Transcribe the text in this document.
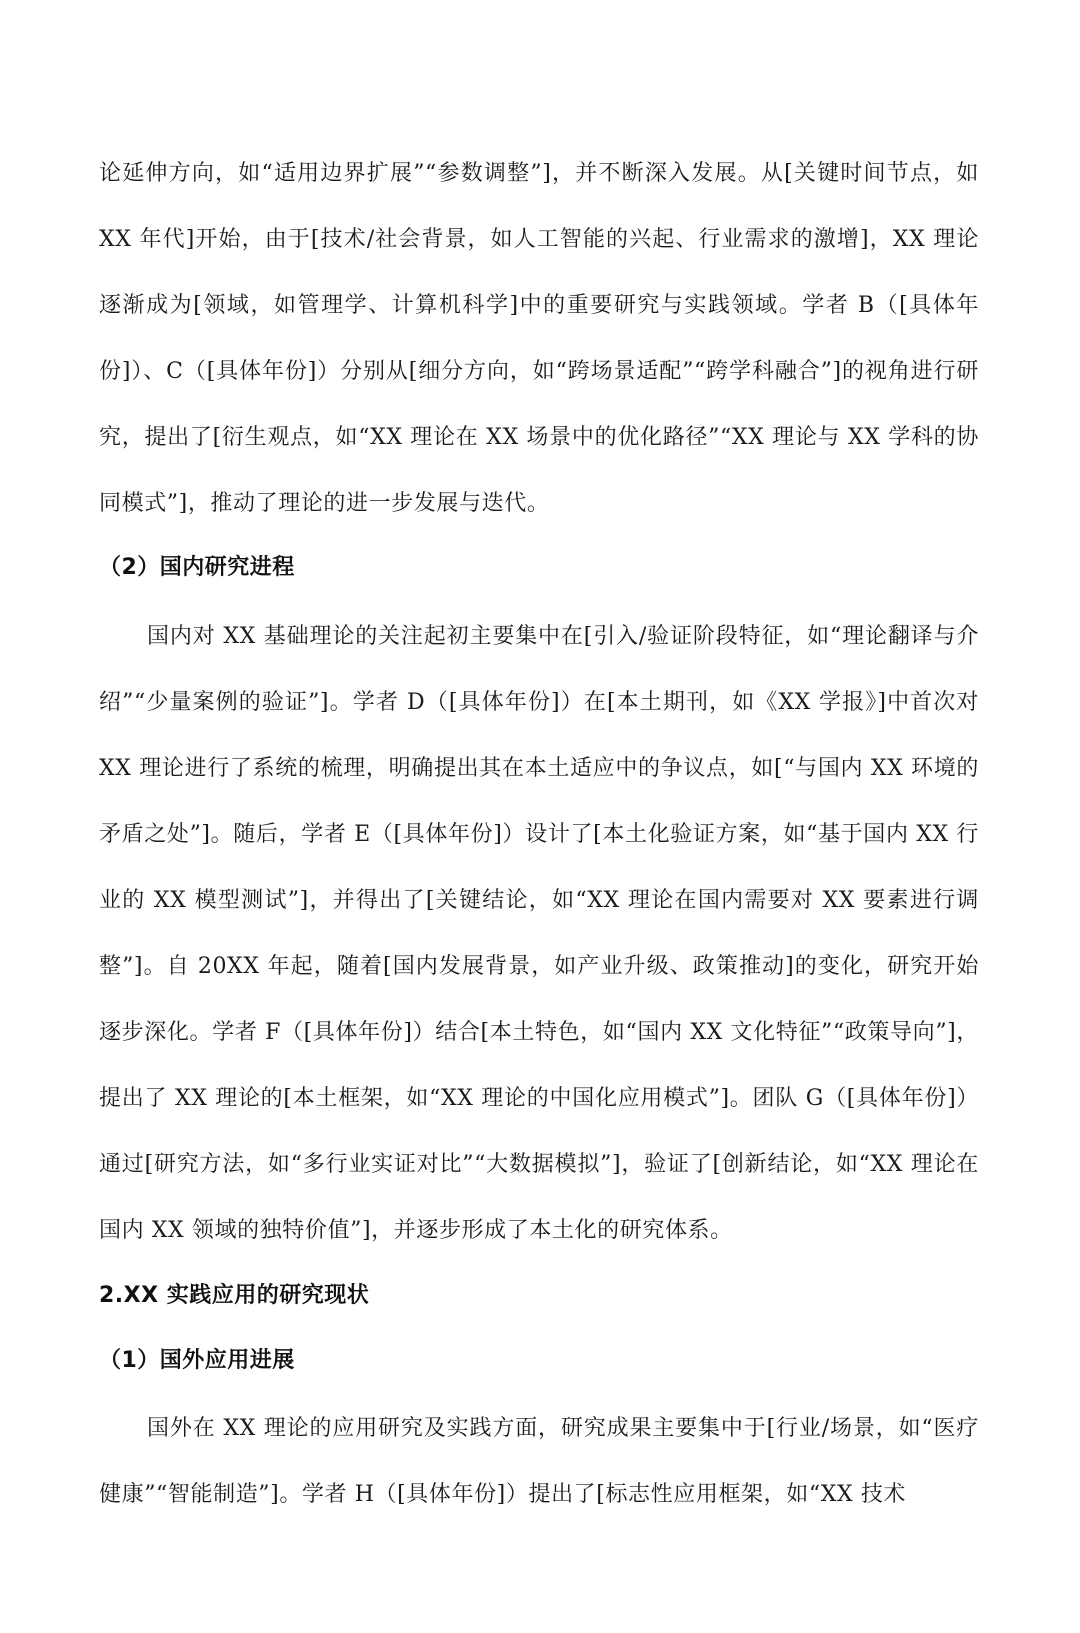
论延伸方向，如“适用边界扩展”“参数调整”]，并不断深入发展。从[关键时间节点，如 XX 年代]开始，由于[技术/社会背景，如人工智能的兴起、行业需求的激增]，XX 理论逐渐成为[领域，如管理学、计算机科学]中的重要研究与实践领域。学者 B（[具体年份]）、C（[具体年份]）分别从[细分方向，如“跨场景适配”“跨学科融合”]的视角进行研究，提出了[衍生观点，如“XX 理论在 XX 场景中的优化路径”“XX 理论与 XX 学科的协同模式”]，推动了理论的进一步发展与迭代。

（2）国内研究进程

国内对 XX 基础理论的关注起初主要集中在[引入/验证阶段特征，如“理论翻译与介绍”“少量案例的验证”]。学者 D（[具体年份]）在[本土期刊，如《XX 学报》]中首次对 XX 理论进行了系统的梳理，明确提出其在本土适应中的争议点，如[“与国内 XX 环境的矛盾之处”]。随后，学者 E（[具体年份]）设计了[本土化验证方案，如“基于国内 XX 行业的 XX 模型测试”]，并得出了[关键结论，如“XX 理论在国内需要对 XX 要素进行调整”]。自 20XX 年起，随着[国内发展背景，如产业升级、政策推动]的变化，研究开始逐步深化。学者 F（[具体年份]）结合[本土特色，如“国内 XX 文化特征”“政策导向”]，提出了 XX 理论的[本土框架，如“XX 理论的中国化应用模式”]。团队 G（[具体年份]）通过[研究方法，如“多行业实证对比”“大数据模拟”]，验证了[创新结论，如“XX 理论在国内 XX 领域的独特价值”]，并逐步形成了本土化的研究体系。

2.XX 实践应用的研究现状
（1）国外应用进展

国外在 XX 理论的应用研究及实践方面，研究成果主要集中于[行业/场景，如“医疗健康”“智能制造”]。学者 H（[具体年份]）提出了[标志性应用框架，如“XX 技术
